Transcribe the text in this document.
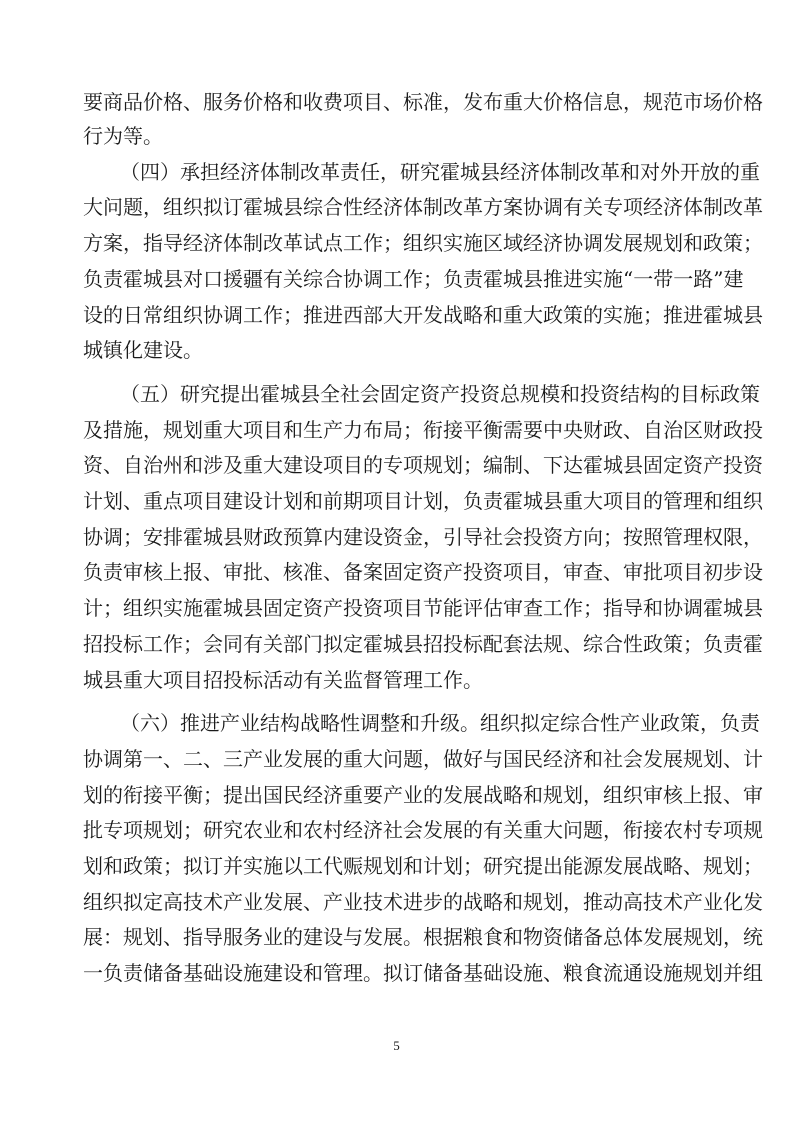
要商品价格、服务价格和收费项目、标准，发布重大价格信息，规范市场价格
行为等。
（四）承担经济体制改革责任，研究霍城县经济体制改革和对外开放的重
大问题，组织拟订霍城县综合性经济体制改革方案协调有关专项经济体制改革
方案，指导经济体制改革试点工作；组织实施区域经济协调发展规划和政策；
负责霍城县对口援疆有关综合协调工作；负责霍城县推进实施“一带一路”建
设的日常组织协调工作；推进西部大开发战略和重大政策的实施；推进霍城县
城镇化建设。
（五）研究提出霍城县全社会固定资产投资总规模和投资结构的目标政策
及措施，规划重大项目和生产力布局；衔接平衡需要中央财政、自治区财政投
资、自治州和涉及重大建设项目的专项规划；编制、下达霍城县固定资产投资
计划、重点项目建设计划和前期项目计划，负责霍城县重大项目的管理和组织
协调；安排霍城县财政预算内建设资金，引导社会投资方向；按照管理权限，
负责审核上报、审批、核准、备案固定资产投资项目，审查、审批项目初步设
计；组织实施霍城县固定资产投资项目节能评估审查工作；指导和协调霍城县
招投标工作；会同有关部门拟定霍城县招投标配套法规、综合性政策；负责霍
城县重大项目招投标活动有关监督管理工作。
（六）推进产业结构战略性调整和升级。组织拟定综合性产业政策，负责
协调第一、二、三产业发展的重大问题，做好与国民经济和社会发展规划、计
划的衔接平衡；提出国民经济重要产业的发展战略和规划，组织审核上报、审
批专项规划；研究农业和农村经济社会发展的有关重大问题，衔接农村专项规
划和政策；拟订并实施以工代赈规划和计划；研究提出能源发展战略、规划；
组织拟定高技术产业发展、产业技术进步的战略和规划，推动高技术产业化发
展：规划、指导服务业的建设与发展。根据粮食和物资储备总体发展规划，统
一负责储备基础设施建设和管理。拟订储备基础设施、粮食流通设施规划并组
5
